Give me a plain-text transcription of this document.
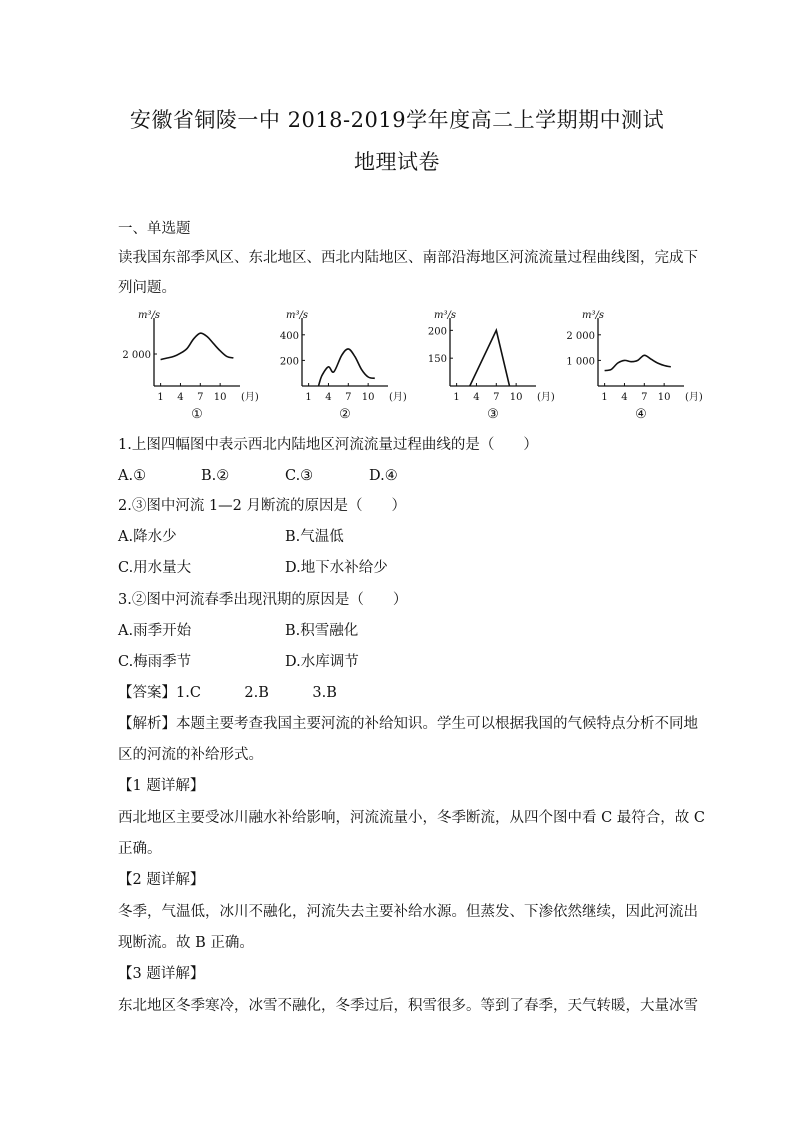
安徽省铜陵一中 2018-2019学年度高二上学期期中测试
地理试卷
一、单选题
读我国东部季风区、东北地区、西北内陆地区、南部沿海地区河流流量过程曲线图，完成下
列问题。
m³/s
2 000
1 4 7 10 (月)
①
m³/s
200
400
1 4 7 10 (月)
②
m³/s
150
200
1 4 7 10 (月)
③
m³/s
1 000
2 000
1 4 7 10 (月)
④
1.上图四幅图中表示西北内陆地区河流流量过程曲线的是（　　）
A.①	B.②	C.③	D.④
2.③图中河流 1—2 月断流的原因是（　　）
A.降水少	B.气温低
C.用水量大	D.地下水补给少
3.②图中河流春季出现汛期的原因是（　　）
A.雨季开始	B.积雪融化
C.梅雨季节	D.水库调节
【答案】1.C　　　2.B　　　3.B
【解析】本题主要考查我国主要河流的补给知识。学生可以根据我国的气候特点分析不同地
区的河流的补给形式。
【1 题详解】
西北地区主要受冰川融水补给影响，河流流量小，冬季断流，从四个图中看 C 最符合，故 C
正确。
【2 题详解】
冬季，气温低，冰川不融化，河流失去主要补给水源。但蒸发、下渗依然继续，因此河流出
现断流。故 B 正确。
【3 题详解】
东北地区冬季寒冷，冰雪不融化，冬季过后，积雪很多。等到了春季，天气转暖，大量冰雪
